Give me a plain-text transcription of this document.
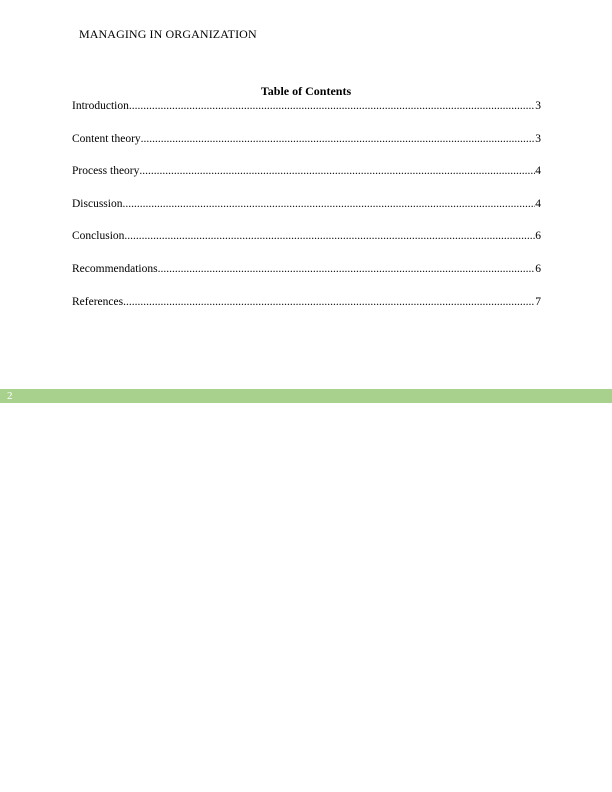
MANAGING IN ORGANIZATION
Table of Contents
Introduction .....	3
Content theory .....	3
Process theory .....	4
Discussion .....	4
Conclusion .....	6
Recommendations .....	6
References .....	7
2
